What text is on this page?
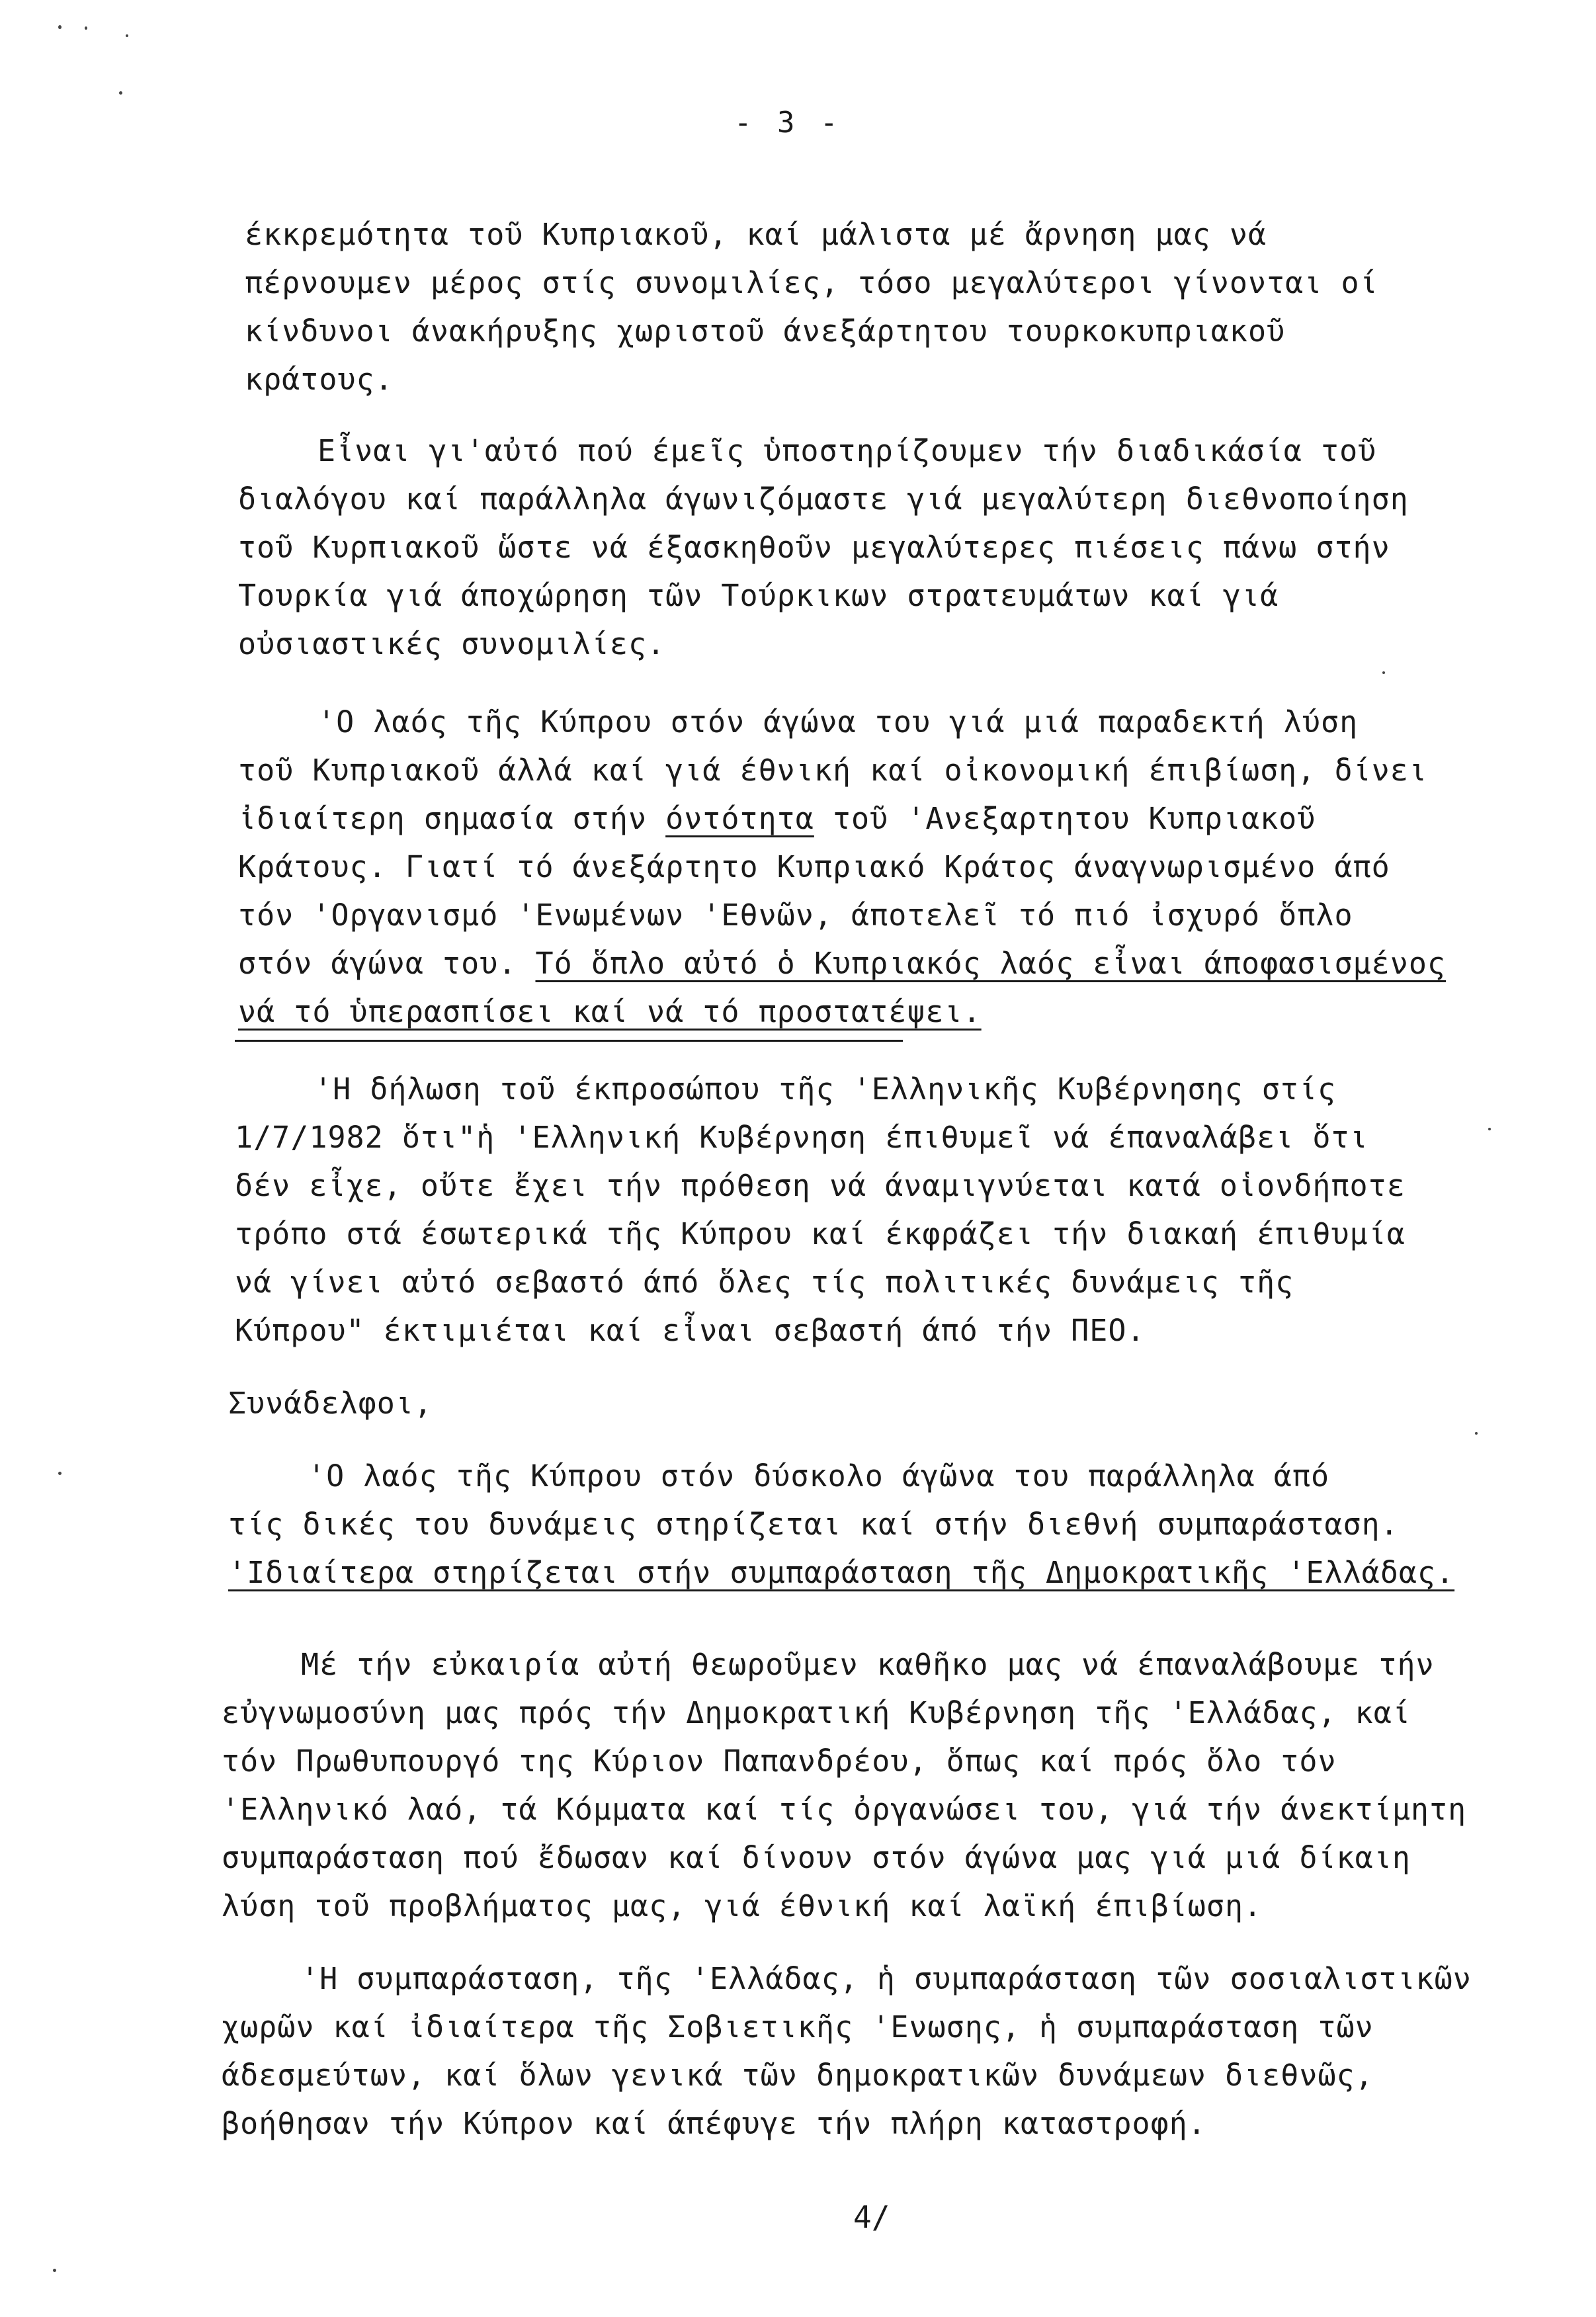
- 3 -
έκκρεμότητα τοῦ Κυπριακοῦ, καί μάλιστα μέ ἄρνηση μας νά
πέρνουμεν μέρος στίς συνομιλίες, τόσο μεγαλύτεροι γίνονται οί
κίνδυνοι άνακήρυξης χωριστοῦ άνεξάρτητου τουρκοκυπριακοῦ
κράτους.
Εἶναι γι'αὐτό πού έμεῖς ὑποστηρίζουμεν τήν διαδικάσία τοῦ
διαλόγου καί παράλληλα άγωνιζόμαστε γιά μεγαλύτερη διεθνοποίηση
τοῦ Κυρπιακοῦ ὥστε νά έξασκηθοῦν μεγαλύτερες πιέσεις πάνω στήν
Τουρκία γιά άποχώρηση τῶν Τούρκικων στρατευμάτων καί γιά
οὐσιαστικές συνομιλίες.
'Ο λαός τῆς Κύπρου στόν άγώνα του γιά μιά παραδεκτή λύση
τοῦ Κυπριακοῦ άλλά καί γιά έθνική καί οἰκονομική έπιβίωση, δίνει
ἰδιαίτερη σημασία στήν όντότητα τοῦ 'Ανεξαρτητου Κυπριακοῦ
Κράτους. Γιατί τό άνεξάρτητο Κυπριακό Κράτος άναγνωρισμένο άπό
τόν 'Οργανισμό 'Ενωμένων 'Εθνῶν, άποτελεῖ τό πιό ἰσχυρό ὅπλο
στόν άγώνα του. Τό ὅπλο αὐτό ὁ Κυπριακός λαός εἶναι άποφασισμένος
νά τό ὑπερασπίσει καί νά τό προστατέψει.
'Η δήλωση τοῦ έκπροσώπου τῆς 'Ελληνικῆς Κυβέρνησης στίς
1/7/1982 ὅτι"ἡ 'Ελληνική Κυβέρνηση έπιθυμεῖ νά έπαναλάβει ὅτι
δέν εἶχε, οὔτε ἔχει τήν πρόθεση νά άναμιγνύεται κατά οἱονδήποτε
τρόπο στά έσωτερικά τῆς Κύπρου καί έκφράζει τήν διακαή έπιθυμία
νά γίνει αὐτό σεβαστό άπό ὅλες τίς πολιτικές δυνάμεις τῆς
Κύπρου" έκτιμιέται καί εἶναι σεβαστή άπό τήν ΠΕΟ.
Συνάδελφοι,
'Ο λαός τῆς Κύπρου στόν δύσκολο άγῶνα του παράλληλα άπό
τίς δικές του δυνάμεις στηρίζεται καί στήν διεθνή συμπαράσταση.
'Ιδιαίτερα στηρίζεται στήν συμπαράσταση τῆς Δημοκρατικῆς 'Ελλάδας.
Μέ τήν εὐκαιρία αὐτή θεωροῦμεν καθῆκο μας νά έπαναλάβουμε τήν
εὐγνωμοσύνη μας πρός τήν Δημοκρατική Κυβέρνηση τῆς 'Ελλάδας, καί
τόν Πρωθυπουργό της Κύριον Παπανδρέου, ὅπως καί πρός ὅλο τόν
'Ελληνικό λαό, τά Κόμματα καί τίς ὀργανώσει του, γιά τήν άνεκτίμητη
συμπαράσταση πού ἔδωσαν καί δίνουν στόν άγώνα μας γιά μιά δίκαιη
λύση τοῦ προβλήματος μας, γιά έθνική καί λαϊκή έπιβίωση.
'Η συμπαράσταση, τῆς 'Ελλάδας, ἡ συμπαράσταση τῶν σοσιαλιστικῶν
χωρῶν καί ἰδιαίτερα τῆς Σοβιετικῆς 'Ενωσης, ἡ συμπαράσταση τῶν
άδεσμεύτων, καί ὅλων γενικά τῶν δημοκρατικῶν δυνάμεων διεθνῶς,
βοήθησαν τήν Κύπρον καί άπέφυγε τήν πλήρη καταστροφή.
4/
